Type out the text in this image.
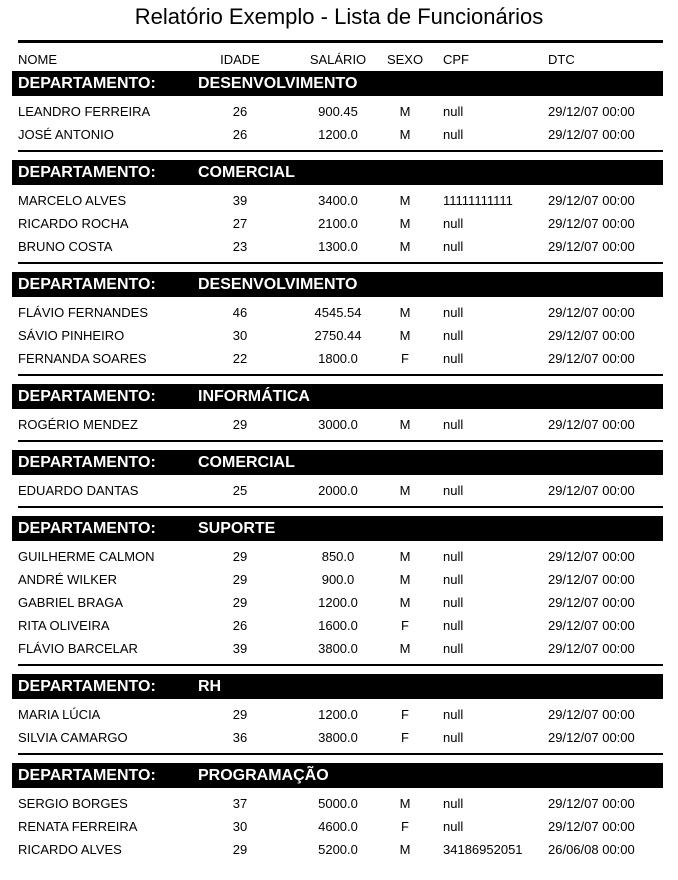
Relatório Exemplo - Lista de Funcionários
NOME	IDADE	SALÁRIO	SEXO	CPF	DTC
DEPARTAMENTO:	DESENVOLVIMENTO
LEANDRO FERREIRA	26	900.45	M	null	29/12/07 00:00
JOSÉ ANTONIO	26	1200.0	M	null	29/12/07 00:00
DEPARTAMENTO:	COMERCIAL
MARCELO ALVES	39	3400.0	M	11111111111	29/12/07 00:00
RICARDO ROCHA	27	2100.0	M	null	29/12/07 00:00
BRUNO COSTA	23	1300.0	M	null	29/12/07 00:00
DEPARTAMENTO:	DESENVOLVIMENTO
FLÁVIO FERNANDES	46	4545.54	M	null	29/12/07 00:00
SÁVIO PINHEIRO	30	2750.44	M	null	29/12/07 00:00
FERNANDA SOARES	22	1800.0	F	null	29/12/07 00:00
DEPARTAMENTO:	INFORMÁTICA
ROGÉRIO MENDEZ	29	3000.0	M	null	29/12/07 00:00
DEPARTAMENTO:	COMERCIAL
EDUARDO DANTAS	25	2000.0	M	null	29/12/07 00:00
DEPARTAMENTO:	SUPORTE
GUILHERME CALMON	29	850.0	M	null	29/12/07 00:00
ANDRÉ WILKER	29	900.0	M	null	29/12/07 00:00
GABRIEL BRAGA	29	1200.0	M	null	29/12/07 00:00
RITA OLIVEIRA	26	1600.0	F	null	29/12/07 00:00
FLÁVIO BARCELAR	39	3800.0	M	null	29/12/07 00:00
DEPARTAMENTO:	RH
MARIA LÚCIA	29	1200.0	F	null	29/12/07 00:00
SILVIA CAMARGO	36	3800.0	F	null	29/12/07 00:00
DEPARTAMENTO:	PROGRAMAÇÃO
SERGIO BORGES	37	5000.0	M	null	29/12/07 00:00
RENATA FERREIRA	30	4600.0	F	null	29/12/07 00:00
RICARDO ALVES	29	5200.0	M	34186952051	26/06/08 00:00
